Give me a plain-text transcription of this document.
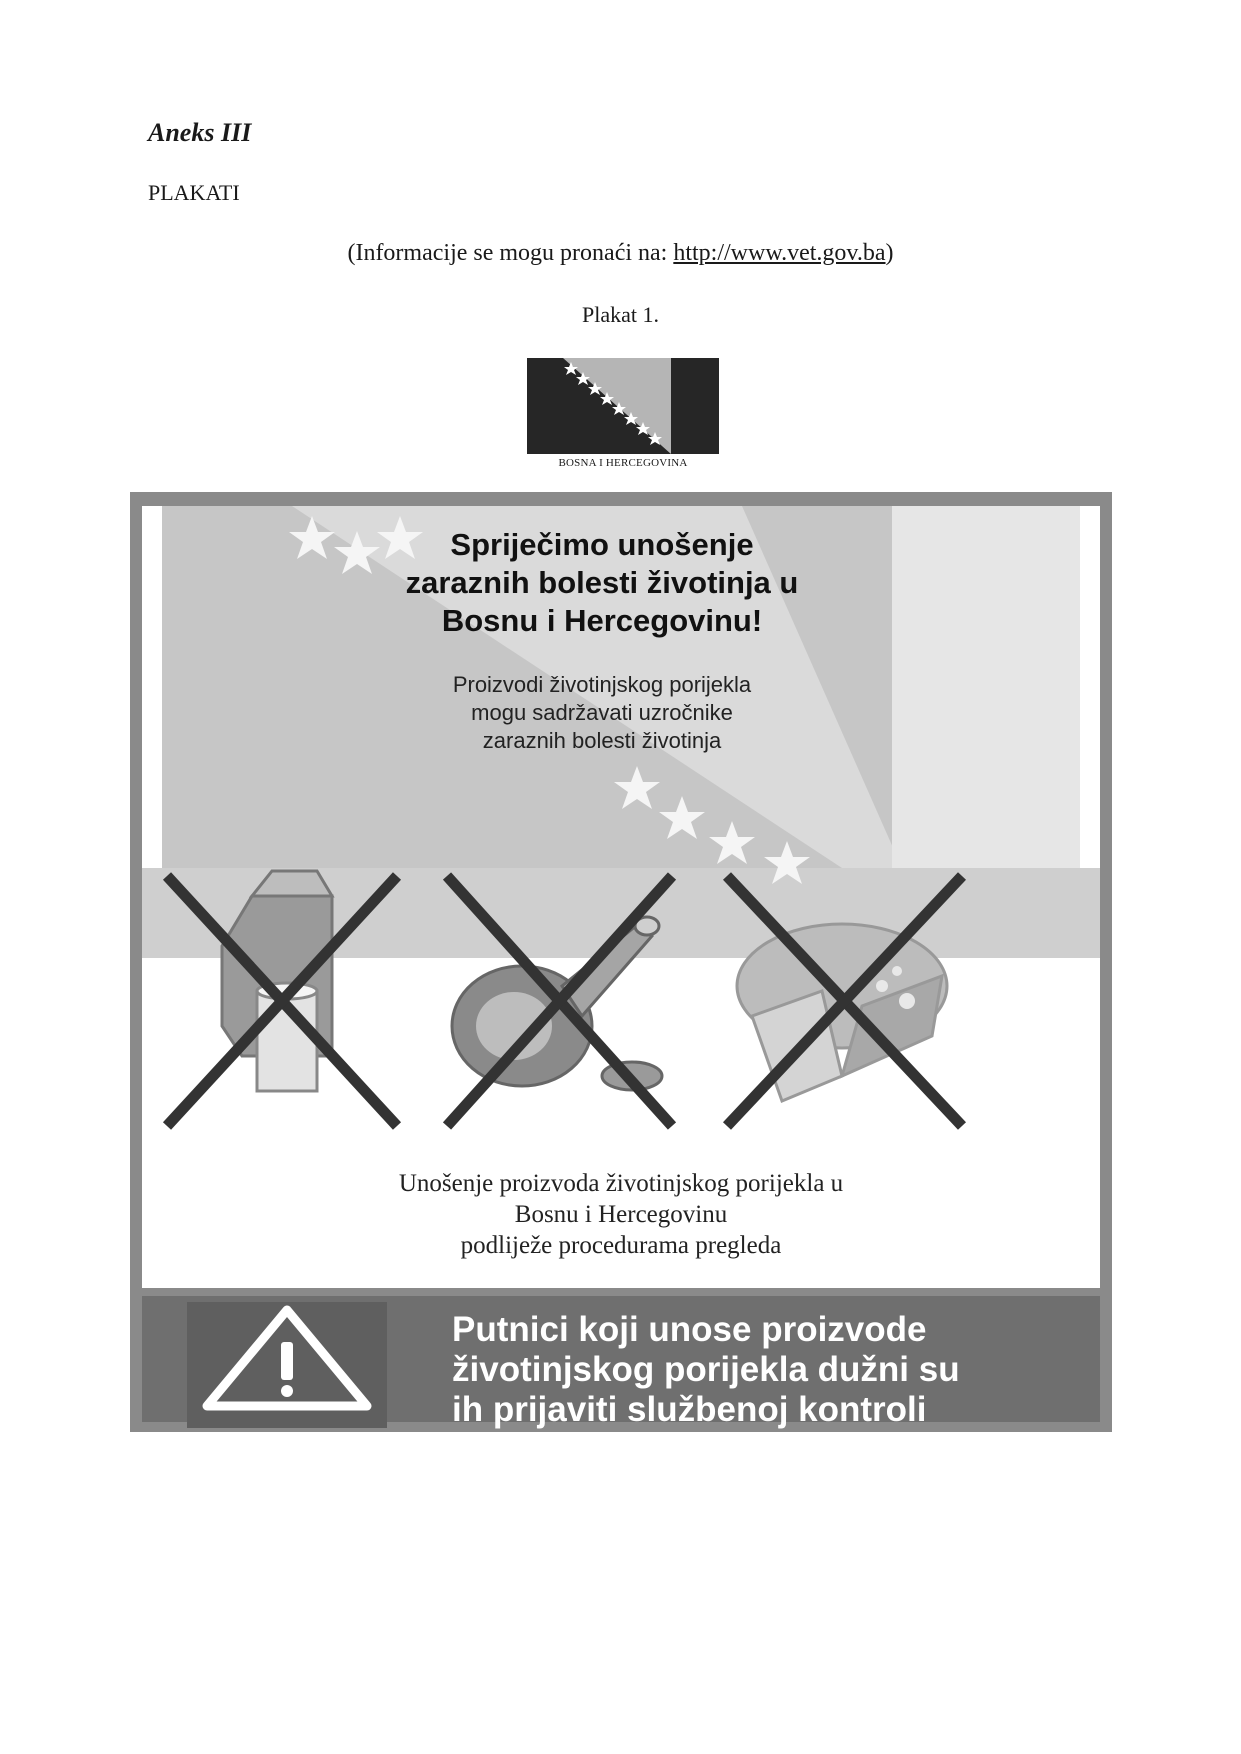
Aneks III
PLAKATI
(Informacije se mogu pronaći na: http://www.vet.gov.ba)
Plakat 1.
BOSNA I HERCEGOVINA
Spriječimo unošenje
zaraznih bolesti životinja u
Bosnu i Hercegovinu!
Proizvodi životinjskog porijekla
mogu sadržavati uzročnike
zaraznih bolesti životinja
Unošenje proizvoda životinjskog porijekla u
Bosnu i Hercegovinu
podliježe procedurama pregleda
Putnici koji unose proizvode
životinjskog porijekla dužni su
ih prijaviti službenoj kontroli
